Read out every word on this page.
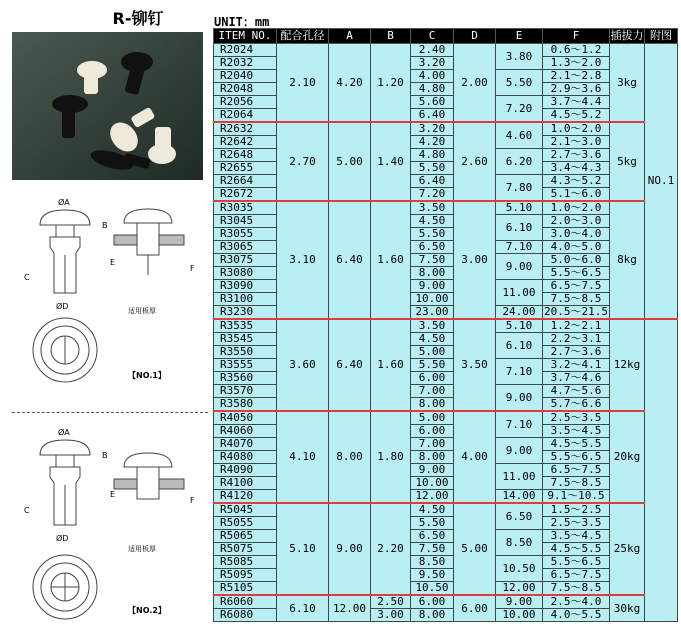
R-铆钉	UNIT：mm
ITEM NO.	配合孔径	A	B	C	D	E	F	插拔力	附图
R2024	2.10	4.20	1.20	2.40	2.00	3.80	0.6～1.2	3kg	NO.1
R2032				3.20			1.3～2.0		
R2040				4.00		5.50	2.1～2.8		
R2048				4.80			2.9～3.6		
R2056				5.60		7.20	3.7～4.4		
R2064				6.40			4.5～5.2		
R2632	2.70	5.00	1.40	3.20	2.60	4.60	1.0～2.0	5kg	
R2642				4.20			2.1～3.0		
R2648				4.80		6.20	2.7～3.6		
R2655				5.50			3.4～4.3		
R2664				6.40		7.80	4.3～5.2		
R2672				7.20			5.1～6.0		
R3035	3.10	6.40	1.60	3.50	3.00	5.10	1.0～2.0	8kg	
R3045				4.50		6.10	2.0～3.0		
R3055				5.50			3.0～4.0		
R3065				6.50		7.10	4.0～5.0		
R3075				7.50		9.00	5.0～6.0		
R3080				8.00			5.5～6.5		
R3090				9.00		11.00	6.5～7.5		
R3100				10.00			7.5～8.5		
R3230				23.00		24.00	20.5～21.5		
R3535	3.60	6.40	1.60	3.50	3.50	5.10	1.2～2.1	12kg	
R3545				4.50		6.10	2.2～3.1		
R3550				5.00			2.7～3.6		
R3555				5.50		7.10	3.2～4.1		
R3560				6.00			3.7～4.6		
R3570				7.00		9.00	4.7～5.6		
R3580				8.00			5.7～6.6		
R4050	4.10	8.00	1.80	5.00	4.00	7.10	2.5～3.5	20kg	
R4060				6.00			3.5～4.5		
R4070				7.00		9.00	4.5～5.5		
R4080				8.00			5.5～6.5		
R4090				9.00		11.00	6.5～7.5		
R4100				10.00			7.5～8.5		
R4120				12.00		14.00	9.1～10.5		
R5045	5.10	9.00	2.20	4.50	5.00	6.50	1.5～2.5	25kg	
R5055				5.50			2.5～3.5		
R5065				6.50		8.50	3.5～4.5		
R5075				7.50			4.5～5.5		
R5085				8.50		10.50	5.5～6.5		
R5095				9.50			6.5～7.5		
R5105				10.50		12.00	7.5～8.5		
R6060	6.10	12.00	2.50	6.00	6.00	9.00	2.5～4.0	30kg	
R6080			3.00	8.00		10.00	4.0～5.5		
ØA
B
C
ØD
E
F
适用板厚
【NO.1】
ØA
B
C
ØD
E
F
适用板厚
【NO.2】
